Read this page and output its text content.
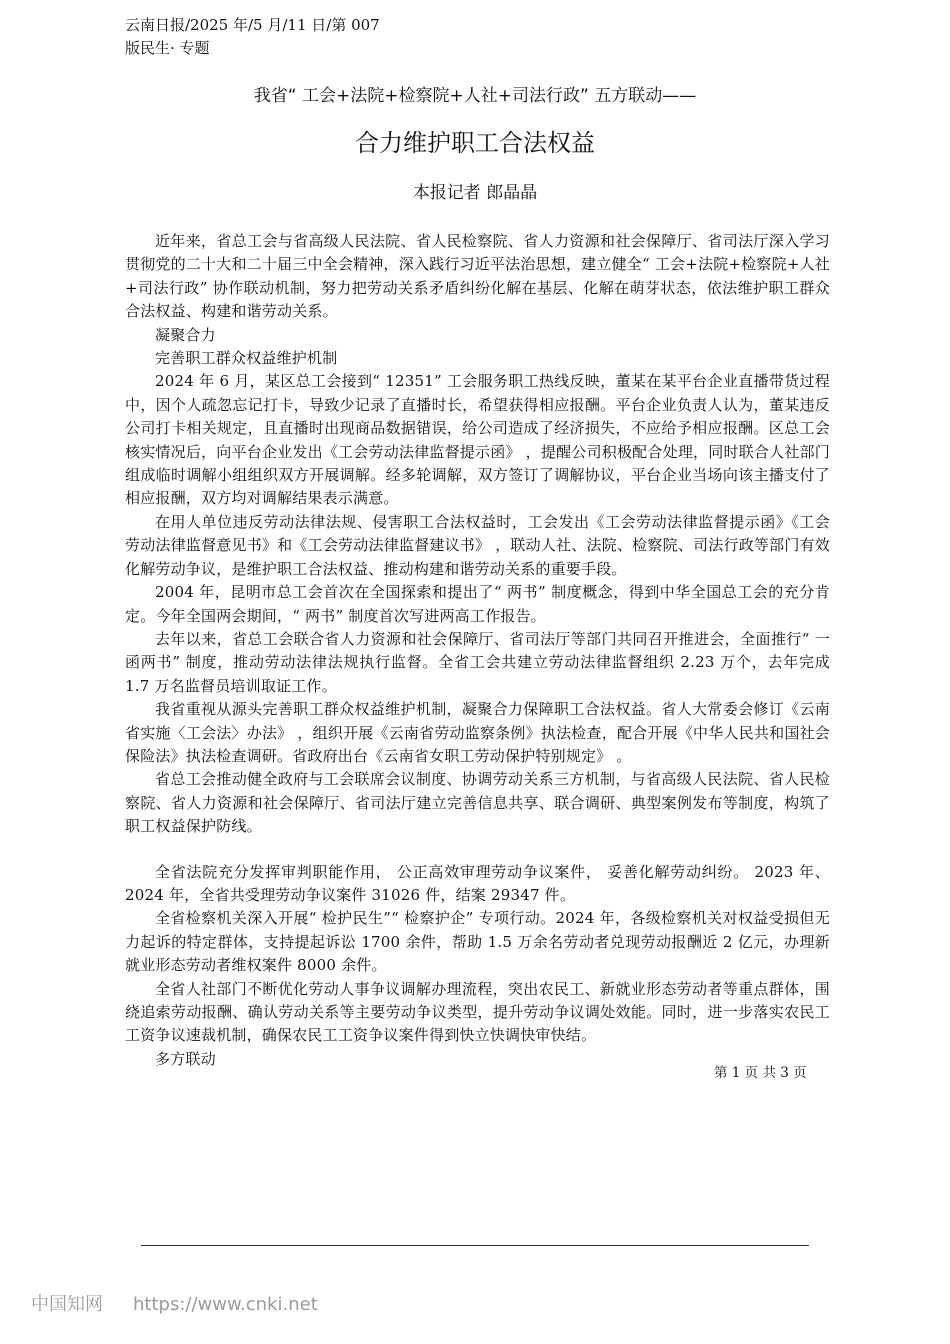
云南日报/2025 年/5 月/11 日/第 007
版民生· 专题
我省“ 工会+法院+检察院+人社+司法行政” 五方联动——
合力维护职工合法权益
本报记者 郎晶晶

近年来，省总工会与省高级人民法院、省人民检察院、省人力资源和社会保障厅、省司法厅深入学习贯彻党的二十大和二十届三中全会精神，深入践行习近平法治思想，建立健全“ 工会+法院+检察院+人社+司法行政” 协作联动机制，努力把劳动关系矛盾纠纷化解在基层、化解在萌芽状态，依法维护职工群众合法权益、构建和谐劳动关系。

凝聚合力

完善职工群众权益维护机制

2024 年 6 月，某区总工会接到“ 12351” 工会服务职工热线反映，董某在某平台企业直播带货过程中，因个人疏忽忘记打卡，导致少记录了直播时长，希望获得相应报酬。平台企业负责人认为，董某违反公司打卡相关规定，且直播时出现商品数据错误，给公司造成了经济损失，不应给予相应报酬。区总工会核实情况后，向平台企业发出《工会劳动法律监督提示函》 ，提醒公司积极配合处理，同时联合人社部门组成临时调解小组组织双方开展调解。经多轮调解，双方签订了调解协议，平台企业当场向该主播支付了相应报酬，双方均对调解结果表示满意。

在用人单位违反劳动法律法规、侵害职工合法权益时，工会发出《工会劳动法律监督提示函》《工会劳动法律监督意见书》和《工会劳动法律监督建议书》 ，联动人社、法院、检察院、司法行政等部门有效化解劳动争议，是维护职工合法权益、推动构建和谐劳动关系的重要手段。

2004 年，昆明市总工会首次在全国探索和提出了“ 两书” 制度概念，得到中华全国总工会的充分肯定。今年全国两会期间，“ 两书” 制度首次写进两高工作报告。

去年以来，省总工会联合省人力资源和社会保障厅、省司法厅等部门共同召开推进会，全面推行“ 一函两书” 制度，推动劳动法律法规执行监督。全省工会共建立劳动法律监督组织 2.23 万个，去年完成 1.7 万名监督员培训取证工作。

我省重视从源头完善职工群众权益维护机制，凝聚合力保障职工合法权益。省人大常委会修订《云南省实施〈工会法〉办法》 ，组织开展《云南省劳动监察条例》执法检查，配合开展《中华人民共和国社会保险法》执法检查调研。省政府出台《云南省女职工劳动保护特别规定》 。

省总工会推动健全政府与工会联席会议制度、协调劳动关系三方机制，与省高级人民法院、省人民检察院、省人力资源和社会保障厅、省司法厅建立完善信息共享、联合调研、典型案例发布等制度，构筑了职工权益保护防线。

全省法院充分发挥审判职能作用， 公正高效审理劳动争议案件， 妥善化解劳动纠纷。 2023 年、2024 年，全省共受理劳动争议案件 31026 件，结案 29347 件。

全省检察机关深入开展“ 检护民生”“ 检察护企” 专项行动。2024 年，各级检察机关对权益受损但无力起诉的特定群体，支持提起诉讼 1700 余件，帮助 1.5 万余名劳动者兑现劳动报酬近 2 亿元，办理新就业形态劳动者维权案件 8000 余件。

全省人社部门不断优化劳动人事争议调解办理流程，突出农民工、新就业形态劳动者等重点群体，围绕追索劳动报酬、确认劳动关系等主要劳动争议类型，提升劳动争议调处效能。同时，进一步落实农民工工资争议速裁机制，确保农民工工资争议案件得到快立快调快审快结。

多方联动

第 1 页 共 3 页
中国知网 https://www.cnki.net
